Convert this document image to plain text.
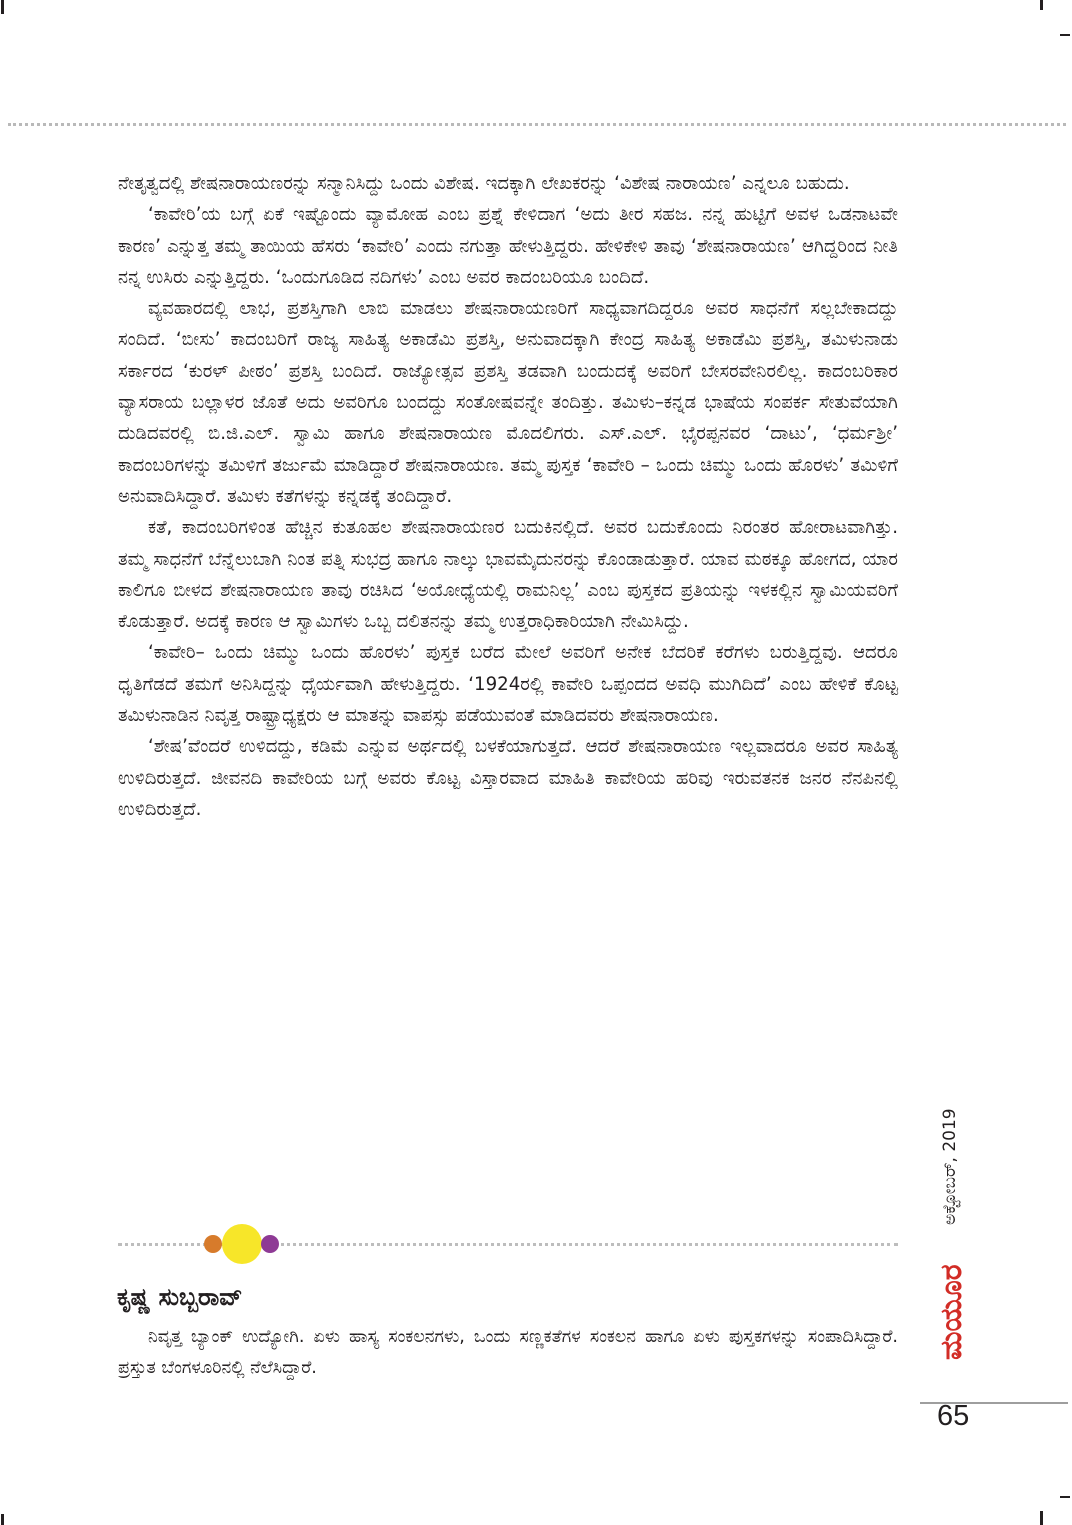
ನೇತೃತ್ವದಲ್ಲಿ ಶೇಷನಾರಾಯಣರನ್ನು ಸನ್ಮಾನಿಸಿದ್ದು ಒಂದು ವಿಶೇಷ. ಇದಕ್ಕಾಗಿ ಲೇಖಕರನ್ನು ‘ವಿಶೇಷ ನಾರಾಯಣ’ ಎನ್ನಲೂ ಬಹುದು.

‘ಕಾವೇರಿ’ಯ ಬಗ್ಗೆ ಏಕೆ ಇಷ್ಟೊಂದು ವ್ಯಾಮೋಹ ಎಂಬ ಪ್ರಶ್ನೆ ಕೇಳಿದಾಗ ‘ಅದು ತೀರ ಸಹಜ. ನನ್ನ ಹುಟ್ಟಿಗೆ ಅವಳ ಒಡನಾಟವೇ ಕಾರಣ’ ಎನ್ನುತ್ತ ತಮ್ಮ ತಾಯಿಯ ಹೆಸರು ‘ಕಾವೇರಿ’ ಎಂದು ನಗುತ್ತಾ ಹೇಳುತ್ತಿದ್ದರು. ಹೇಳಿಕೇಳಿ ತಾವು ‘ಶೇಷನಾರಾಯಣ’ ಆಗಿದ್ದರಿಂದ ನೀತಿ ನನ್ನ ಉಸಿರು ಎನ್ನುತ್ತಿದ್ದರು. ‘ಒಂದುಗೂಡಿದ ನದಿಗಳು’ ಎಂಬ ಅವರ ಕಾದಂಬರಿಯೂ ಬಂದಿದೆ.

ವ್ಯವಹಾರದಲ್ಲಿ ಲಾಭ, ಪ್ರಶಸ್ತಿಗಾಗಿ ಲಾಬಿ ಮಾಡಲು ಶೇಷನಾರಾಯಣರಿಗೆ ಸಾಧ್ಯವಾಗದಿದ್ದರೂ ಅವರ ಸಾಧನೆಗೆ ಸಲ್ಲಬೇಕಾದದ್ದು ಸಂದಿದೆ. ‘ಬೀಸು’ ಕಾದಂಬರಿಗೆ ರಾಜ್ಯ ಸಾಹಿತ್ಯ ಅಕಾಡೆಮಿ ಪ್ರಶಸ್ತಿ, ಅನುವಾದಕ್ಕಾಗಿ ಕೇಂದ್ರ ಸಾಹಿತ್ಯ ಅಕಾಡೆಮಿ ಪ್ರಶಸ್ತಿ, ತಮಿಳುನಾಡು ಸರ್ಕಾರದ ‘ಕುರಳ್ ಪೀಠಂ’ ಪ್ರಶಸ್ತಿ ಬಂದಿದೆ. ರಾಜ್ಯೋತ್ಸವ ಪ್ರಶಸ್ತಿ ತಡವಾಗಿ ಬಂದುದಕ್ಕೆ ಅವರಿಗೆ ಬೇಸರವೇನಿರಲಿಲ್ಲ. ಕಾದಂಬರಿಕಾರ ವ್ಯಾಸರಾಯ ಬಲ್ಲಾಳರ ಜೊತೆ ಅದು ಅವರಿಗೂ ಬಂದದ್ದು ಸಂತೋಷವನ್ನೇ ತಂದಿತ್ತು. ತಮಿಳು–ಕನ್ನಡ ಭಾಷೆಯ ಸಂಪರ್ಕ ಸೇತುವೆಯಾಗಿ ದುಡಿದವರಲ್ಲಿ ಬಿ.ಜಿ.ಎಲ್. ಸ್ವಾಮಿ ಹಾಗೂ ಶೇಷನಾರಾಯಣ ಮೊದಲಿಗರು. ಎಸ್.ಎಲ್. ಭೈರಪ್ಪನವರ ‘ದಾಟು’, ‘ಧರ್ಮಶ್ರೀ’ ಕಾದಂಬರಿಗಳನ್ನು ತಮಿಳಿಗೆ ತರ್ಜುಮೆ ಮಾಡಿದ್ದಾರೆ ಶೇಷನಾರಾಯಣ. ತಮ್ಮ ಪುಸ್ತಕ ‘ಕಾವೇರಿ – ಒಂದು ಚಿಮ್ಮು ಒಂದು ಹೊರಳು’ ತಮಿಳಿಗೆ ಅನುವಾದಿಸಿದ್ದಾರೆ. ತಮಿಳು ಕತೆಗಳನ್ನು ಕನ್ನಡಕ್ಕೆ ತಂದಿದ್ದಾರೆ.

ಕತೆ, ಕಾದಂಬರಿಗಳಿಂತ ಹೆಚ್ಚಿನ ಕುತೂಹಲ ಶೇಷನಾರಾಯಣರ ಬದುಕಿನಲ್ಲಿದೆ. ಅವರ ಬದುಕೊಂದು ನಿರಂತರ ಹೋರಾಟವಾಗಿತ್ತು. ತಮ್ಮ ಸಾಧನೆಗೆ ಬೆನ್ನೆಲುಬಾಗಿ ನಿಂತ ಪತ್ನಿ ಸುಭದ್ರ ಹಾಗೂ ನಾಲ್ಕು ಭಾವಮೈದುನರನ್ನು ಕೊಂಡಾಡುತ್ತಾರೆ. ಯಾವ ಮಠಕ್ಕೂ ಹೋಗದ, ಯಾರ ಕಾಲಿಗೂ ಬೀಳದ ಶೇಷನಾರಾಯಣ ತಾವು ರಚಿಸಿದ ‘ಅಯೋಧ್ಯೆಯಲ್ಲಿ ರಾಮನಿಲ್ಲ’ ಎಂಬ ಪುಸ್ತಕದ ಪ್ರತಿಯನ್ನು ಇಳಕಲ್ಲಿನ ಸ್ವಾಮಿಯವರಿಗೆ ಕೊಡುತ್ತಾರೆ. ಅದಕ್ಕೆ ಕಾರಣ ಆ ಸ್ವಾಮಿಗಳು ಒಬ್ಬ ದಲಿತನನ್ನು ತಮ್ಮ ಉತ್ತರಾಧಿಕಾರಿಯಾಗಿ ನೇಮಿಸಿದ್ದು.

‘ಕಾವೇರಿ– ಒಂದು ಚಿಮ್ಮು ಒಂದು ಹೊರಳು’ ಪುಸ್ತಕ ಬರೆದ ಮೇಲೆ ಅವರಿಗೆ ಅನೇಕ ಬೆದರಿಕೆ ಕರೆಗಳು ಬರುತ್ತಿದ್ದವು. ಆದರೂ ಧೃತಿಗೆಡದೆ ತಮಗೆ ಅನಿಸಿದ್ದನ್ನು ಧೈರ್ಯವಾಗಿ ಹೇಳುತ್ತಿದ್ದರು. ‘1924ರಲ್ಲಿ ಕಾವೇರಿ ಒಪ್ಪಂದದ ಅವಧಿ ಮುಗಿದಿದೆ’ ಎಂಬ ಹೇಳಿಕೆ ಕೊಟ್ಟ ತಮಿಳುನಾಡಿನ ನಿವೃತ್ತ ರಾಷ್ಟ್ರಾಧ್ಯಕ್ಷರು ಆ ಮಾತನ್ನು ವಾಪಸ್ಸು ಪಡೆಯುವಂತೆ ಮಾಡಿದವರು ಶೇಷನಾರಾಯಣ.

‘ಶೇಷ’ವೆಂದರೆ ಉಳಿದದ್ದು, ಕಡಿಮೆ ಎನ್ನುವ ಅರ್ಥದಲ್ಲಿ ಬಳಕೆಯಾಗುತ್ತದೆ. ಆದರೆ ಶೇಷನಾರಾಯಣ ಇಲ್ಲವಾದರೂ ಅವರ ಸಾಹಿತ್ಯ ಉಳಿದಿರುತ್ತದೆ. ಜೀವನದಿ ಕಾವೇರಿಯ ಬಗ್ಗೆ ಅವರು ಕೊಟ್ಟ ವಿಸ್ತಾರವಾದ ಮಾಹಿತಿ ಕಾವೇರಿಯ ಹರಿವು ಇರುವತನಕ ಜನರ ನೆನಪಿನಲ್ಲಿ ಉಳಿದಿರುತ್ತದೆ.

ಕೃಷ್ಣ ಸುಬ್ಬರಾವ್

ನಿವೃತ್ತ ಬ್ಯಾಂಕ್ ಉದ್ಯೋಗಿ. ಏಳು ಹಾಸ್ಯ ಸಂಕಲನಗಳು, ಒಂದು ಸಣ್ಣಕತೆಗಳ ಸಂಕಲನ ಹಾಗೂ ಏಳು ಪುಸ್ತಕಗಳನ್ನು ಸಂಪಾದಿಸಿದ್ದಾರೆ. ಪ್ರಸ್ತುತ ಬೆಂಗಳೂರಿನಲ್ಲಿ ನೆಲೆಸಿದ್ದಾರೆ.

ಅಕ್ಟೋಬರ್, 2019
ಮಯೂರ

65
